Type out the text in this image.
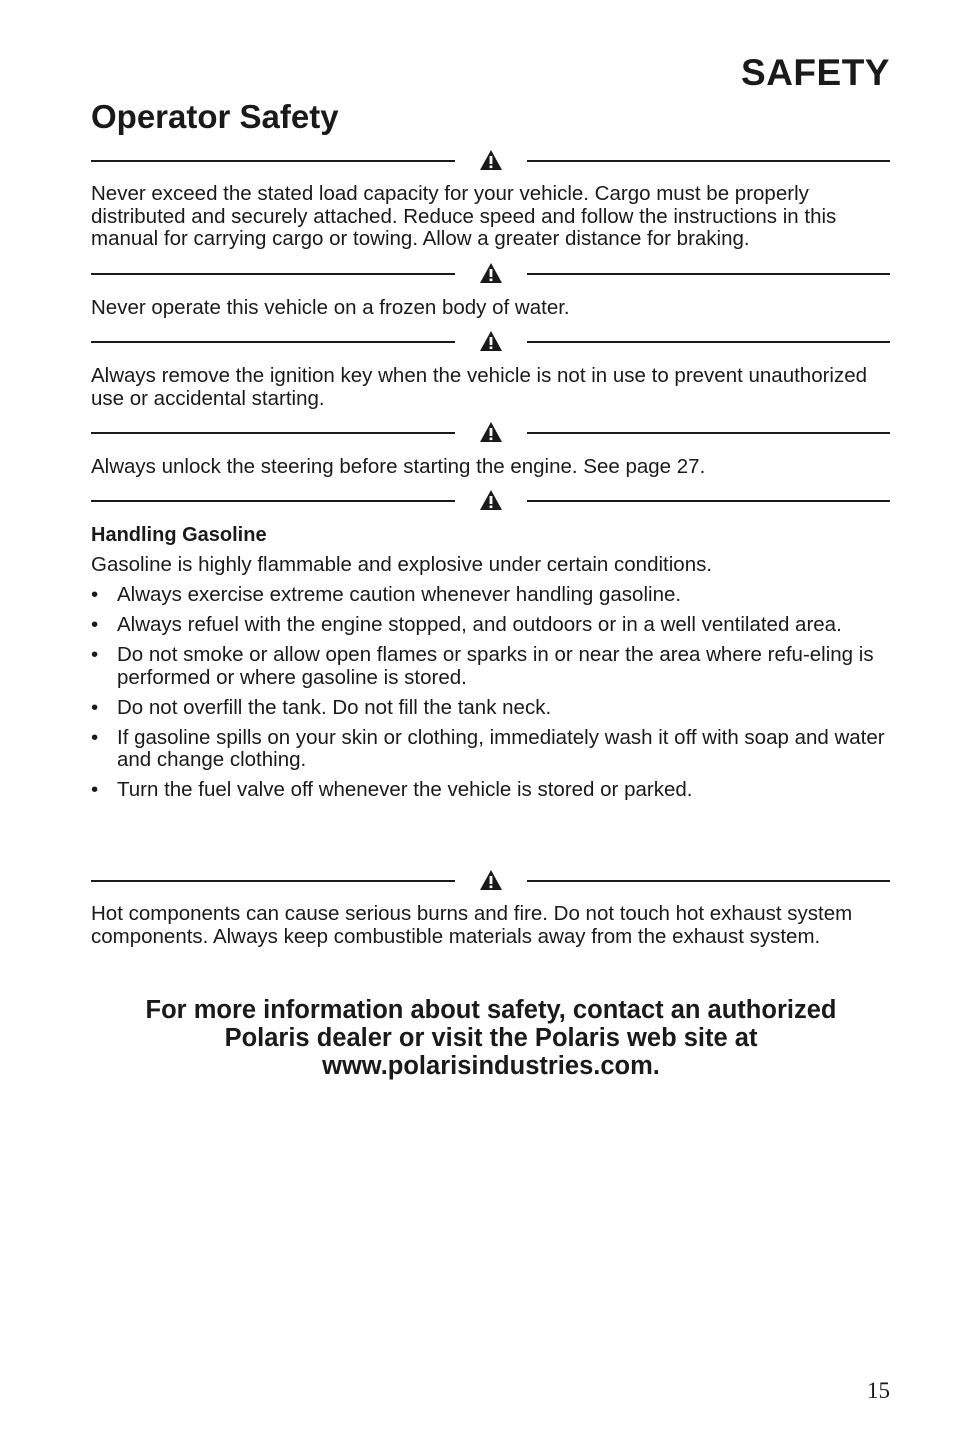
SAFETY
Operator Safety

Never exceed the stated load capacity for your vehicle. Cargo must be properly distributed and securely attached. Reduce speed and follow the instructions in this manual for carrying cargo or towing. Allow a greater distance for braking.

Never operate this vehicle on a frozen body of water.

Always remove the ignition key when the vehicle is not in use to prevent unauthorized use or accidental starting.

Always unlock the steering before starting the engine. See page 27.

Handling Gasoline

Gasoline is highly flammable and explosive under certain conditions.

• Always exercise extreme caution whenever handling gasoline.
• Always refuel with the engine stopped, and outdoors or in a well ventilated area.
• Do not smoke or allow open flames or sparks in or near the area where refu-eling is performed or where gasoline is stored.
• Do not overfill the tank. Do not fill the tank neck.
• If gasoline spills on your skin or clothing, immediately wash it off with soap and water and change clothing.
• Turn the fuel valve off whenever the vehicle is stored or parked.

Hot components can cause serious burns and fire. Do not touch hot exhaust system components. Always keep combustible materials away from the exhaust system.

For more information about safety, contact an authorized
Polaris dealer or visit the Polaris web site at
www.polarisindustries.com.
15
